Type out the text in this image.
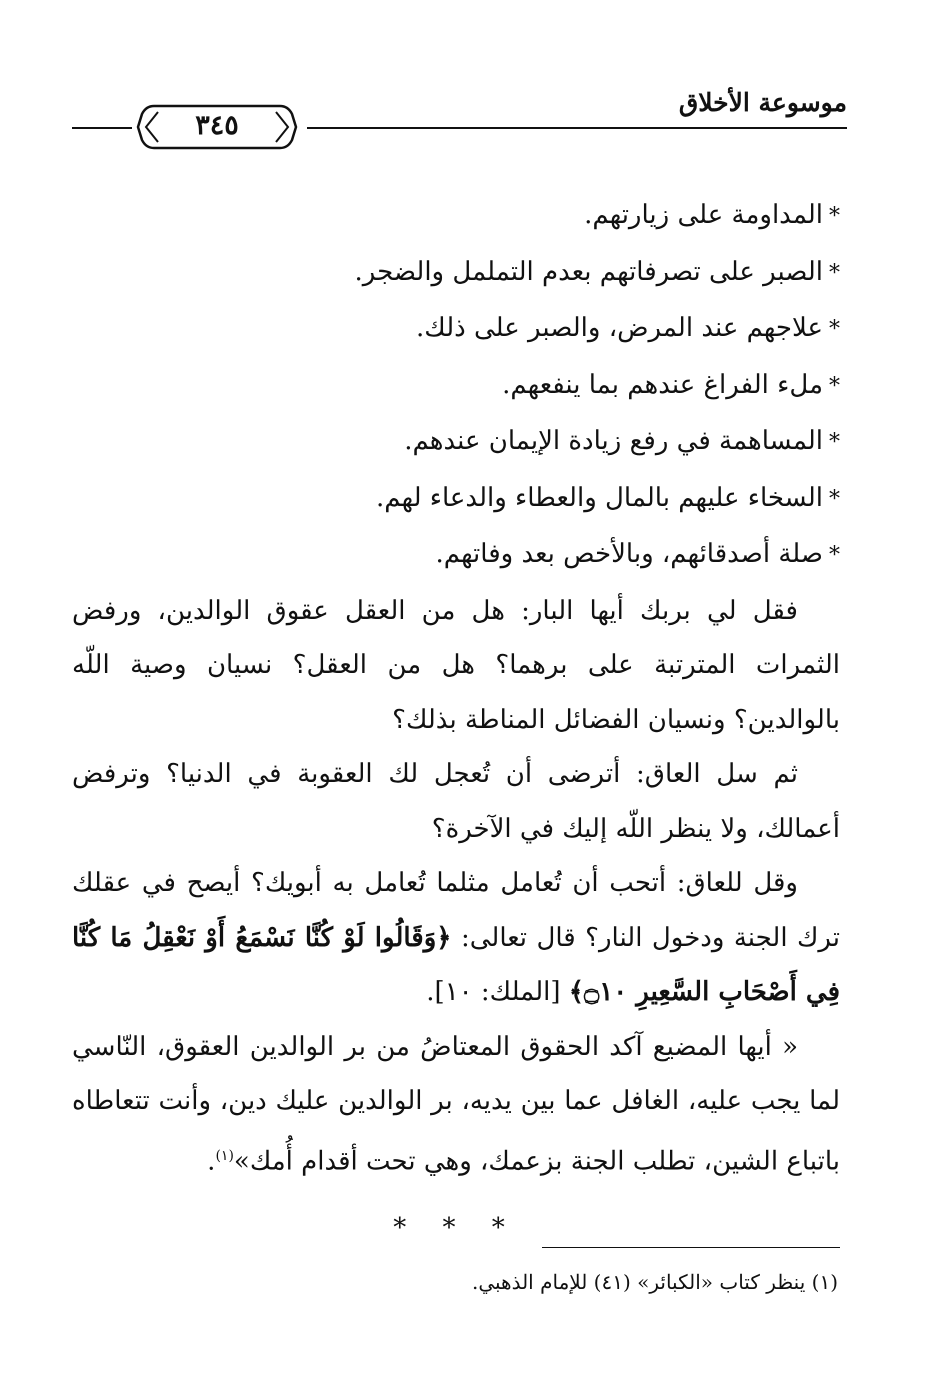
موسوعة الأخلاق
٣٤٥

*المداومة على زيارتهم.

*الصبر على تصرفاتهم بعدم التململ والضجر.

*علاجهم عند المرض، والصبر على ذلك.

*ملء الفراغ عندهم بما ينفعهم.

*المساهمة في رفع زيادة الإيمان عندهم.

*السخاء عليهم بالمال والعطاء والدعاء لهم.

*صلة أصدقائهم، وبالأخص بعد وفاتهم.

فقل لي بربك أيها البار: هل من العقل عقوق الوالدين، ورفض الثمرات المترتبة على برهما؟ هل من العقل؟ نسيان وصية اللّه بالوالدين؟ ونسيان الفضائل المناطة بذلك؟

ثم سل العاق: أترضى أن تُعجل لك العقوبة في الدنيا؟ وترفض أعمالك، ولا ينظر اللّه إليك في الآخرة؟

وقل للعاق: أتحب أن تُعامل مثلما تُعامل به أبويك؟ أيصح في عقلك ترك الجنة ودخول النار؟ قال تعالى: ﴿وَقَالُوا لَوْ كُنَّا نَسْمَعُ أَوْ نَعْقِلُ مَا كُنَّا فِي أَصْحَابِ السَّعِيرِ ۝١٠﴾ [الملك: ١٠].

« أيها المضيع آكد الحقوق المعتاضُ من بر الوالدين العقوق، النّاسي لما يجب عليه، الغافل عما بين يديه، بر الوالدين عليك دين، وأنت تتعاطاه باتباع الشين، تطلب الجنة بزعمك، وهي تحت أقدام أُمك»$^{(١)}$.

* * *
(١) ينظر كتاب «الكبائر» (٤١) للإمام الذهبي.
